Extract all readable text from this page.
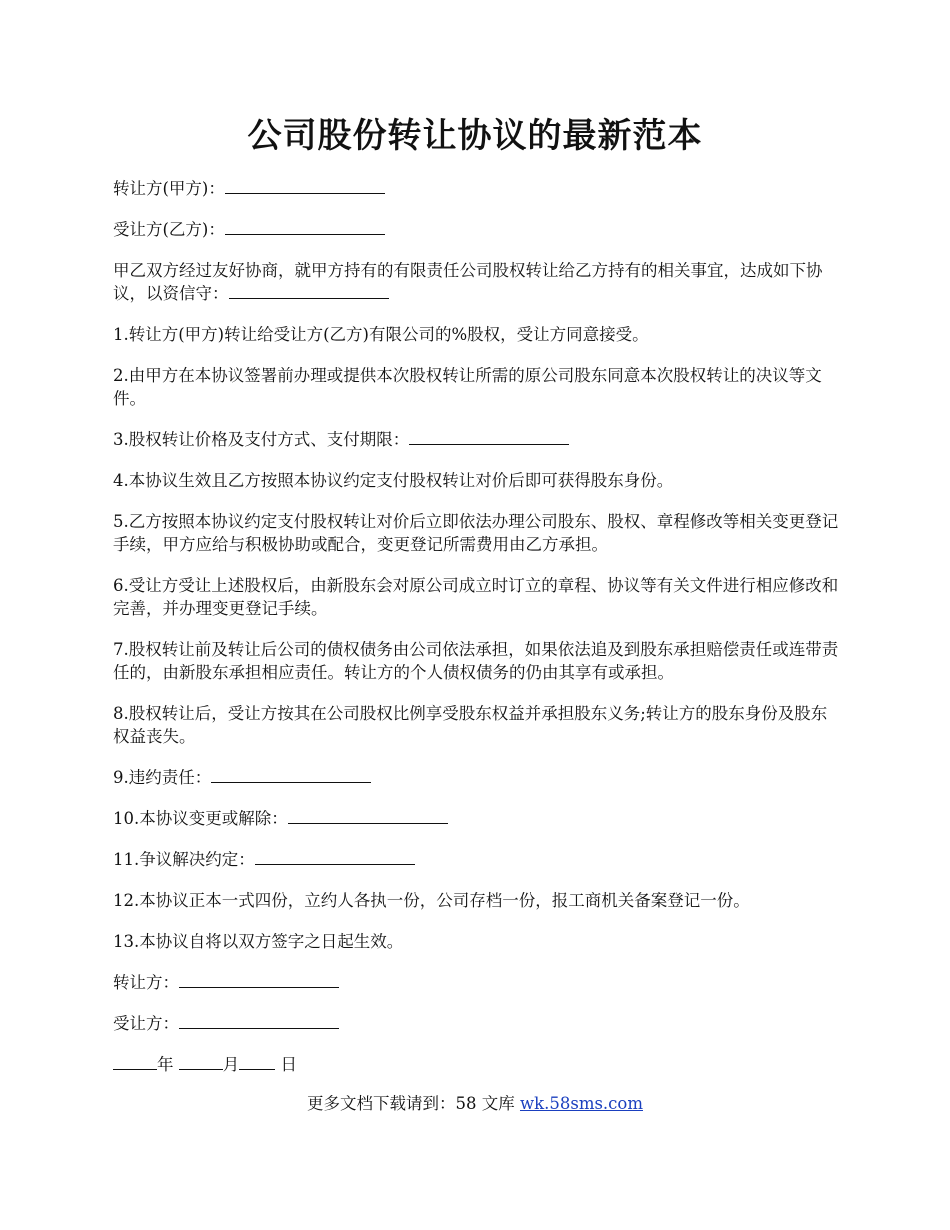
公司股份转让协议的最新范本

转让方(甲方)：

受让方(乙方)：

甲乙双方经过友好协商，就甲方持有的有限责任公司股权转让给乙方持有的相关事宜，达成如下协议，以资信守：

1.转让方(甲方)转让给受让方(乙方)有限公司的%股权，受让方同意接受。

2.由甲方在本协议签署前办理或提供本次股权转让所需的原公司股东同意本次股权转让的决议等文件。

3.股权转让价格及支付方式、支付期限：

4.本协议生效且乙方按照本协议约定支付股权转让对价后即可获得股东身份。

5.乙方按照本协议约定支付股权转让对价后立即依法办理公司股东、股权、章程修改等相关变更登记手续，甲方应给与积极协助或配合，变更登记所需费用由乙方承担。

6.受让方受让上述股权后，由新股东会对原公司成立时订立的章程、协议等有关文件进行相应修改和完善，并办理变更登记手续。

7.股权转让前及转让后公司的债权债务由公司依法承担，如果依法追及到股东承担赔偿责任或连带责任的，由新股东承担相应责任。转让方的个人债权债务的仍由其享有或承担。

8.股权转让后，受让方按其在公司股权比例享受股东权益并承担股东义务;转让方的股东身份及股东权益丧失。

9.违约责任：

10.本协议变更或解除：

11.争议解决约定：

12.本协议正本一式四份，立约人各执一份，公司存档一份，报工商机关备案登记一份。

13.本协议自将以双方签字之日起生效。

转让方：

受让方：

年	月	日

更多文档下载请到：58 文库 wk.58sms.com
